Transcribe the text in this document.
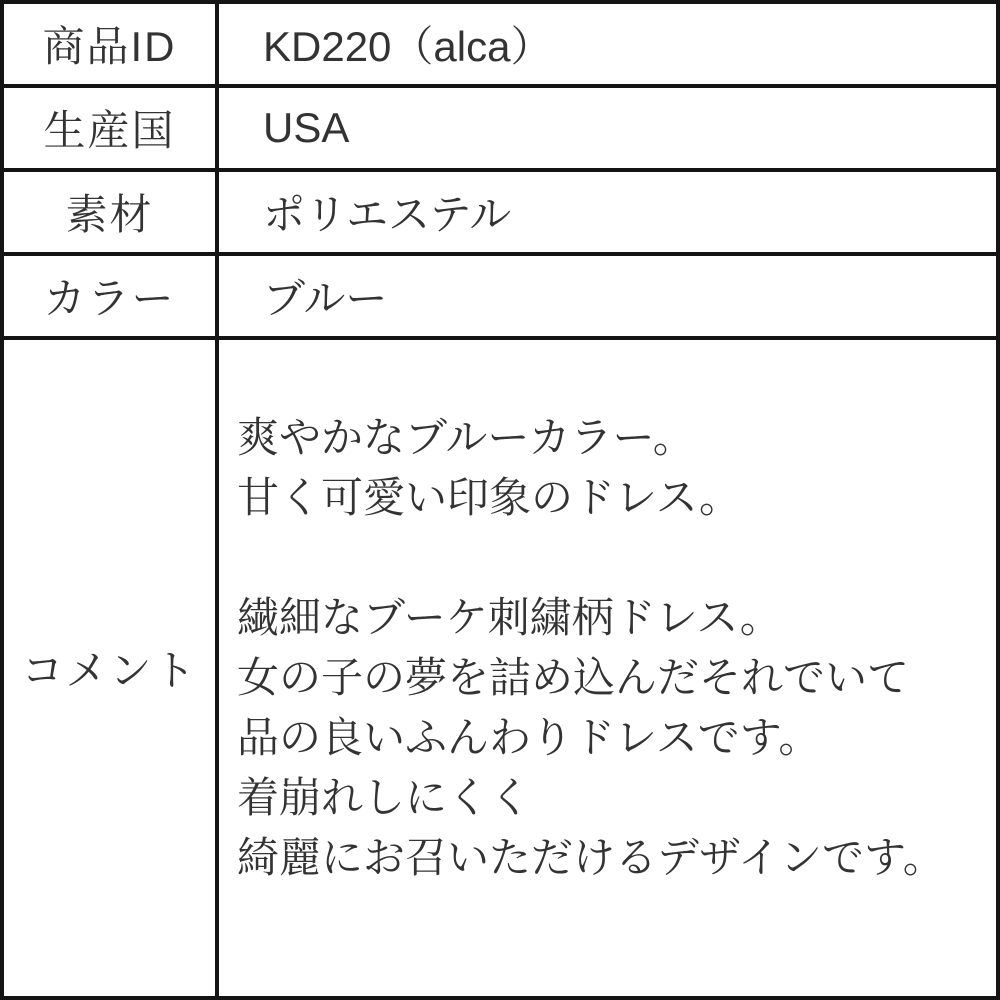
商品ID	KD220（alca）
生産国	USA
素材	ポリエステル
カラー	ブルー
コメント
爽やかなブルーカラー。
甘く可愛い印象のドレス。
繊細なブーケ刺繍柄ドレス。
女の子の夢を詰め込んだそれでいて
品の良いふんわりドレスです。
着崩れしにくく
綺麗にお召いただけるデザインです。
